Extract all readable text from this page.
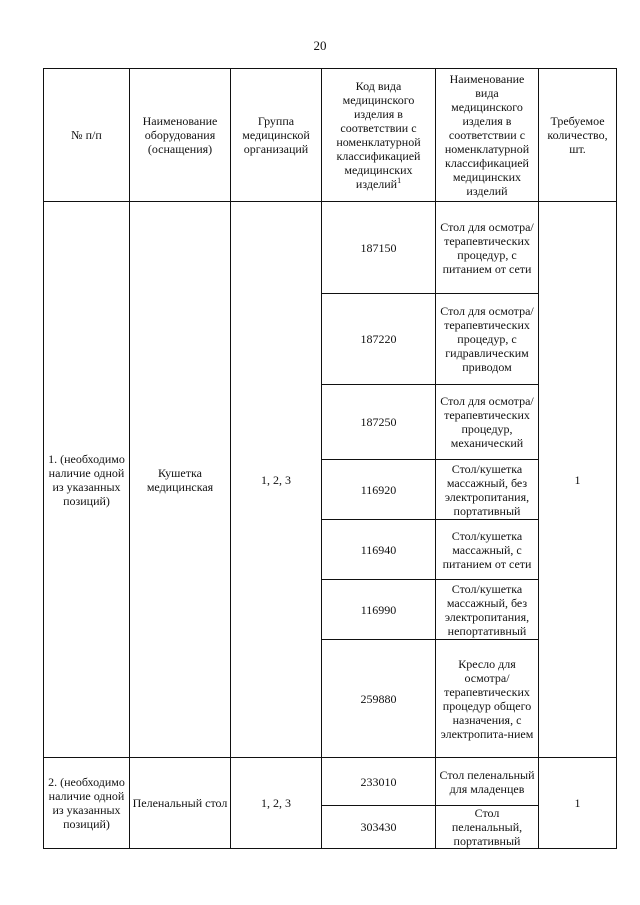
20
№ п/п	Наименование оборудования (оснащения)	Группа медицинской организаций	Код вида медицинского изделия в соответствии с номенклатурной классификацией медицинских изделий$^1$	Наименование вида медицинского изделия в соответствии с номенклатурной классификацией медицинских изделий	Требуемое количество, шт.
1. (необходимо наличие одной из указанных позиций)	Кушетка медицинская	1, 2, 3	187150	Стол для осмотра/ терапевтических процедур, с питанием от сети	1
			187220	Стол для осмотра/ терапевтических процедур, с гидравлическим приводом	
			187250	Стол для осмотра/ терапевтических процедур, механический	
			116920	Стол/кушетка массажный, без электропитания, портативный	
			116940	Стол/кушетка массажный, с питанием от сети	
			116990	Стол/кушетка массажный, без электропитания, непортативный	
			259880	Кресло для осмотра/ терапевтических процедур общего назначения, с электропита-нием	
2. (необходимо наличие одной из указанных позиций)	Пеленальный стол	1, 2, 3	233010	Стол пеленальный для младенцев	1
			303430	Стол пеленальный, портативный	
